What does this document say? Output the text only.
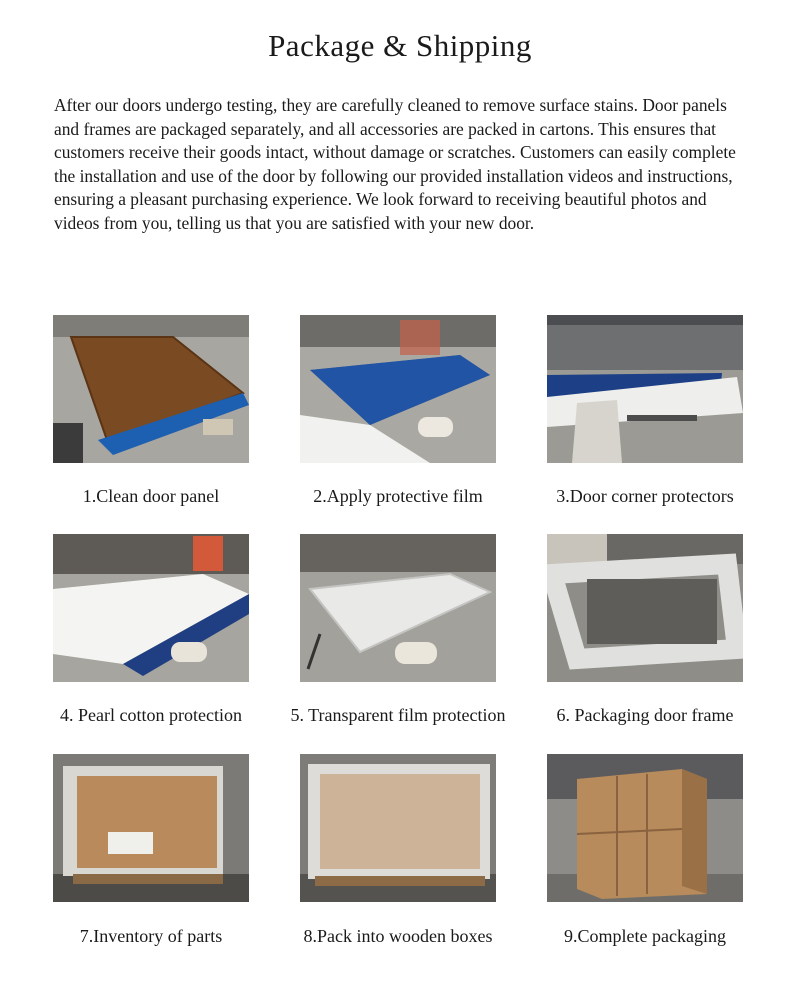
Package & Shipping

After our doors undergo testing, they are carefully cleaned to remove surface stains. Door panels and frames are packaged separately, and all accessories are packed in cartons. This ensures that customers receive their goods intact, without damage or scratches. Customers can easily complete the installation and use of the door by following our provided installation videos and instructions, ensuring a pleasant purchasing experience. We look forward to receiving beautiful photos and videos from you, telling us that you are satisfied with your new door.

1.Clean door panel	2.Apply protective film	3.Door corner protectors
4. Pearl cotton protection	5. Transparent film protection	6. Packaging door frame
7.Inventory of parts	8.Pack into wooden boxes	9.Complete packaging
